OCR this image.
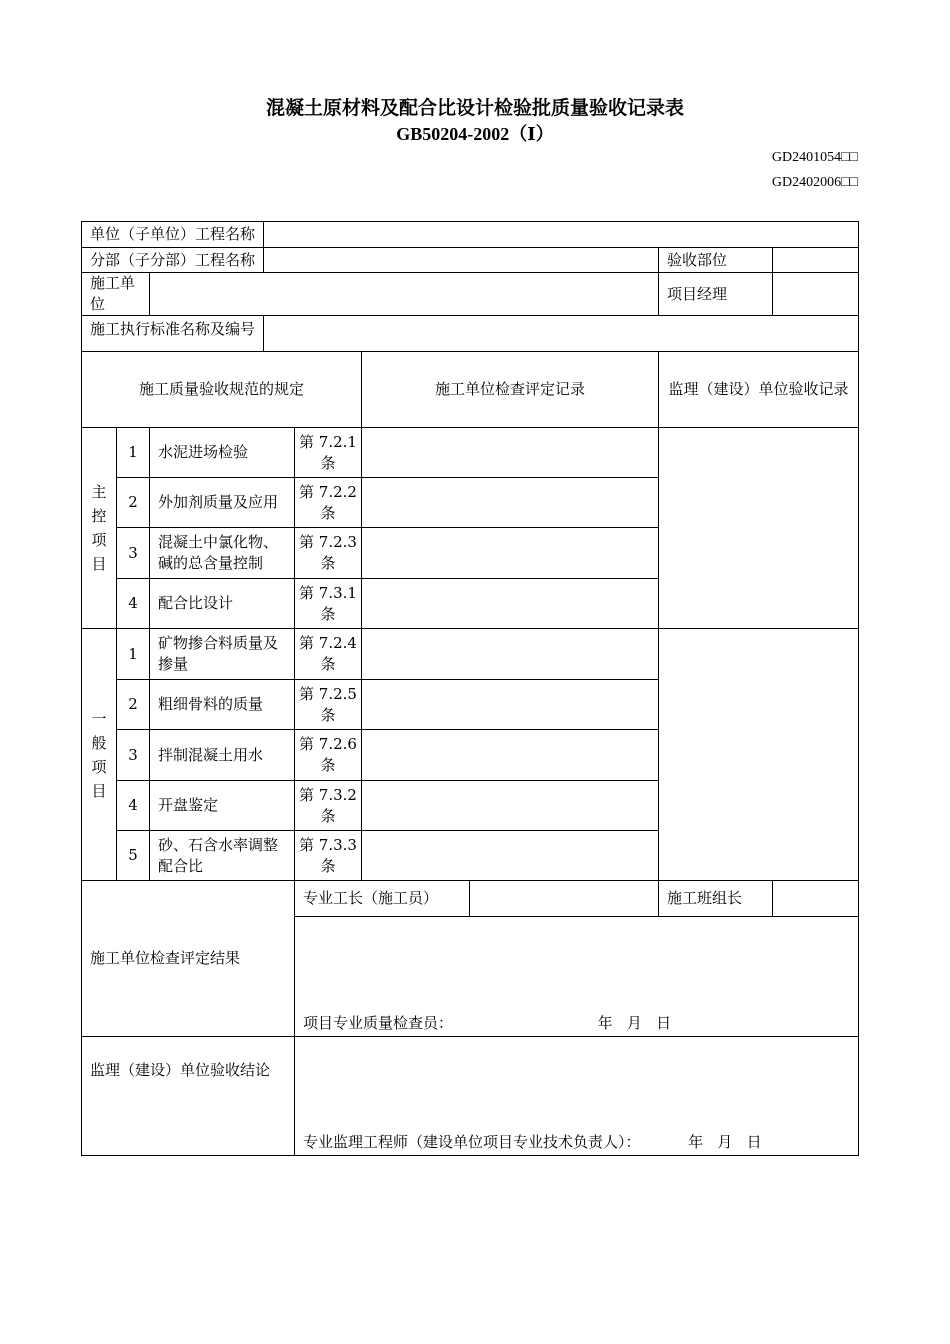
混凝土原材料及配合比设计检验批质量验收记录表
GB50204-2002（Ⅰ）
GD2401054□□
GD2402006□□
单位（子单位）工程名称								
分部（子分部）工程名称							验收部位	
施工单位							项目经理	
施工执行标准名称及编号								
施工质量验收规范的规定					施工单位检查评定记录		监理（建设）单位验收记录	

主控项目	1	水泥进场检验		第 7.2.1 条				
	2	外加剂质量及应用		第 7.2.2 条				
	3	混凝土中氯化物、碱的总含量控制		第 7.2.3 条				
	4	配合比设计		第 7.3.1 条				

一般项目	1	矿物掺合料质量及掺量		第 7.2.4 条				
	2	粗细骨料的质量		第 7.2.5 条				
	3	拌制混凝土用水		第 7.2.6 条				
	4	开盘鉴定		第 7.3.2 条				
	5	砂、石含水率调整配合比		第 7.3.3 条				
施工单位检查评定结果				专业工长（施工员）			施工班组长	
				项目专业质量检查员： 年   月   日				
监理（建设）单位验收结论				专业监理工程师（建设单位项目专业技术负责人）： 年   月   日				
